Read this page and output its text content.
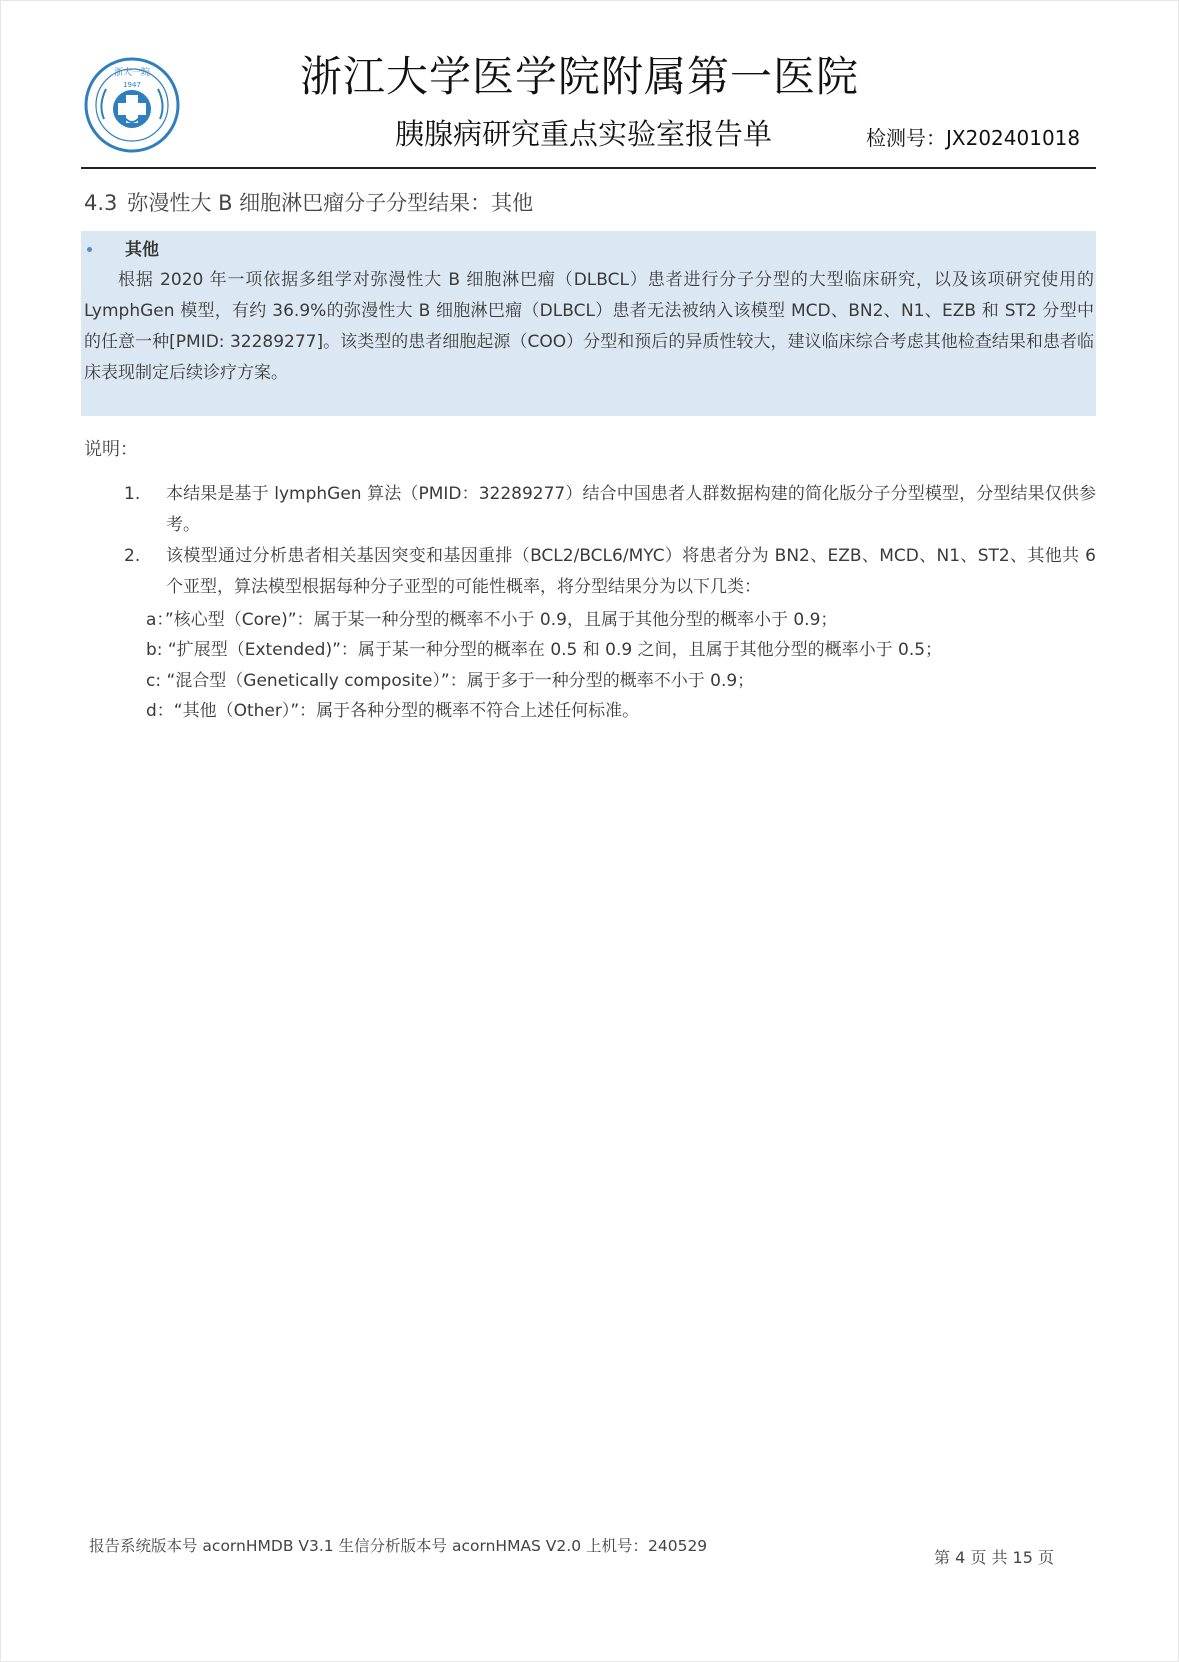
1947
浙大一院	浙江大学医学院附属第一医院
胰腺病研究重点实验室报告单	检测号：JX202401018
4.3 弥漫性大 B 细胞淋巴瘤分子分型结果：其他
其他

根据 2020 年一项依据多组学对弥漫性大 B 细胞淋巴瘤（DLBCL）患者进行分子分型的大型临床研究，以及该项研究使用的 LymphGen 模型，有约 36.9%的弥漫性大 B 细胞淋巴瘤（DLBCL）患者无法被纳入该模型 MCD、BN2、N1、EZB 和 ST2 分型中的任意一种[PMID: 32289277]。该类型的患者细胞起源（COO）分型和预后的异质性较大，建议临床综合考虑其他检查结果和患者临床表现制定后续诊疗方案。

说明：
1. 本结果是基于 lymphGen 算法（PMID：32289277）结合中国患者人群数据构建的简化版分子分型模型，分型结果仅供参考。
2. 该模型通过分析患者相关基因突变和基因重排（BCL2/BCL6/MYC）将患者分为 BN2、EZB、MCD、N1、ST2、其他共 6 个亚型，算法模型根据每种分子亚型的可能性概率，将分型结果分为以下几类：
a：”核心型（Core)”：属于某一种分型的概率不小于 0.9，且属于其他分型的概率小于 0.9；
b: “扩展型（Extended)”：属于某一种分型的概率在 0.5 和 0.9 之间，且属于其他分型的概率小于 0.5；
c: “混合型（Genetically composite）”：属于多于一种分型的概率不小于 0.9；
d：“其他（Other）”：属于各种分型的概率不符合上述任何标准。
报告系统版本号 acornHMDB V3.1 生信分析版本号 acornHMAS V2.0 上机号：240529
第 4 页 共 15 页
